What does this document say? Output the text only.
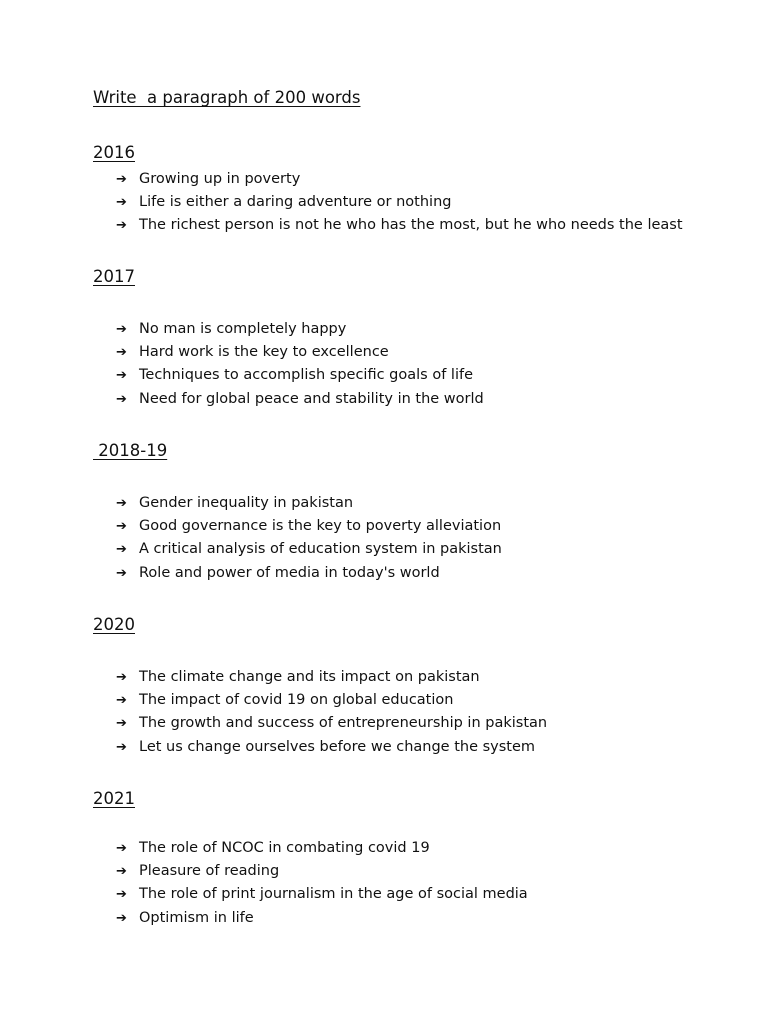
Write  a paragraph of 200 words
2016
➔ Growing up in poverty
➔ Life is either a daring adventure or nothing
➔ The richest person is not he who has the most, but he who needs the least
2017
➔ No man is completely happy
➔ Hard work is the key to excellence
➔ Techniques to accomplish specific goals of life
➔ Need for global peace and stability in the world
2018-19
➔ Gender inequality in pakistan
➔ Good governance is the key to poverty alleviation
➔ A critical analysis of education system in pakistan
➔ Role and power of media in today's world
2020
➔ The climate change and its impact on pakistan
➔ The impact of covid 19 on global education
➔ The growth and success of entrepreneurship in pakistan
➔ Let us change ourselves before we change the system
2021
➔ The role of NCOC in combating covid 19
➔ Pleasure of reading
➔ The role of print journalism in the age of social media
➔ Optimism in life
